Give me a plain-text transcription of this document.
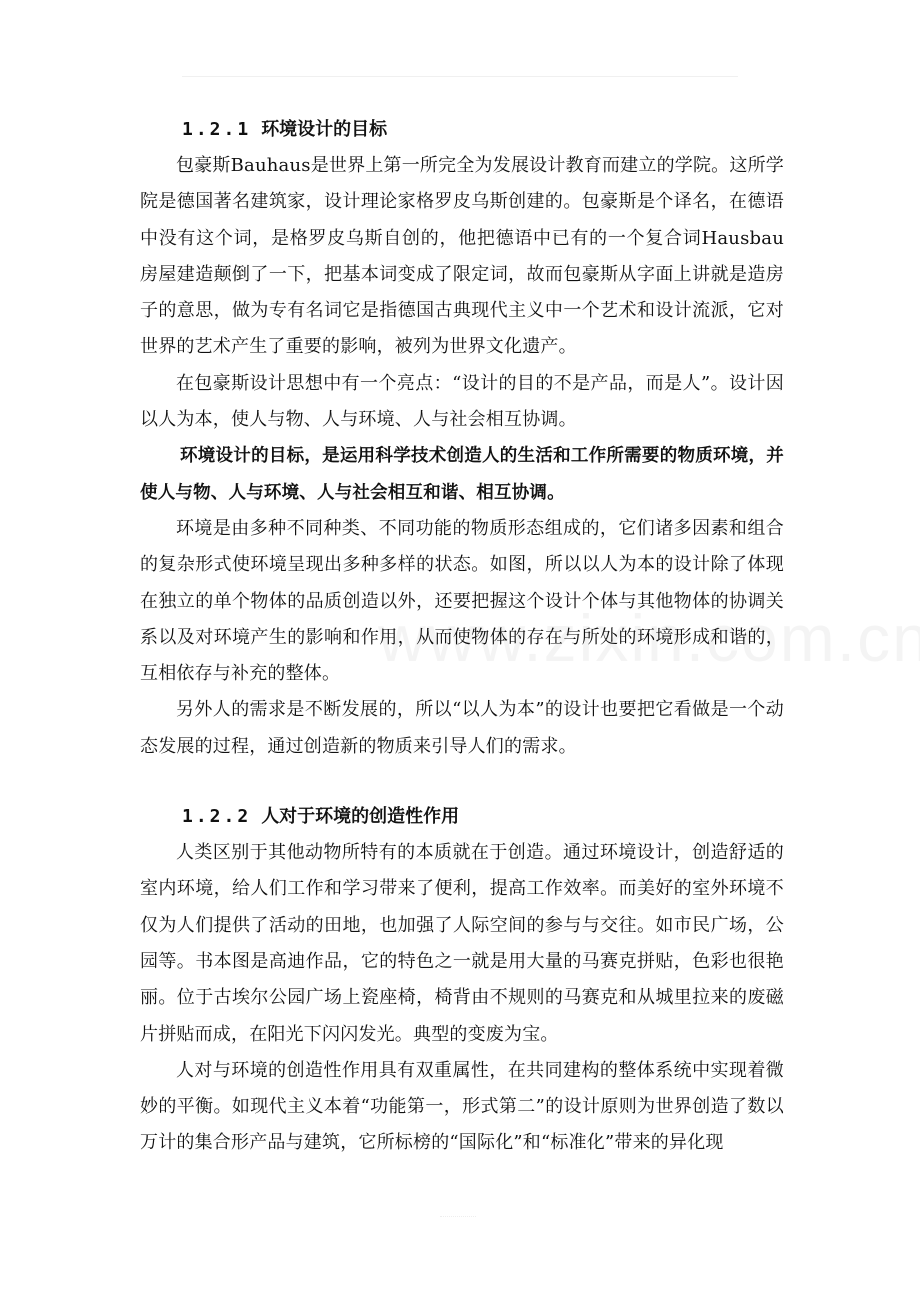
1.2.1 环境设计的目标

包豪斯Bauhaus是世界上第一所完全为发展设计教育而建立的学院。这所学院是德国著名建筑家，设计理论家格罗皮乌斯创建的。包豪斯是个译名，在德语中没有这个词，是格罗皮乌斯自创的，他把德语中已有的一个复合词Hausbau房屋建造颠倒了一下，把基本词变成了限定词，故而包豪斯从字面上讲就是造房子的意思，做为专有名词它是指德国古典现代主义中一个艺术和设计流派，它对世界的艺术产生了重要的影响，被列为世界文化遗产。

在包豪斯设计思想中有一个亮点：“设计的目的不是产品，而是人”。设计因以人为本，使人与物、人与环境、人与社会相互协调。

环境设计的目标，是运用科学技术创造人的生活和工作所需要的物质环境，并使人与物、人与环境、人与社会相互和谐、相互协调。

环境是由多种不同种类、不同功能的物质形态组成的，它们诸多因素和组合的复杂形式使环境呈现出多种多样的状态。如图，所以以人为本的设计除了体现在独立的单个物体的品质创造以外，还要把握这个设计个体与其他物体的协调关系以及对环境产生的影响和作用，从而使物体的存在与所处的环境形成和谐的，互相依存与补充的整体。

另外人的需求是不断发展的，所以“以人为本”的设计也要把它看做是一个动态发展的过程，通过创造新的物质来引导人们的需求。

1.2.2 人对于环境的创造性作用

人类区别于其他动物所特有的本质就在于创造。通过环境设计，创造舒适的室内环境，给人们工作和学习带来了便利，提高工作效率。而美好的室外环境不仅为人们提供了活动的田地，也加强了人际空间的参与与交往。如市民广场，公园等。书本图是高迪作品，它的特色之一就是用大量的马赛克拼贴，色彩也很艳丽。位于古埃尔公园广场上瓷座椅，椅背由不规则的马赛克和从城里拉来的废磁片拼贴而成，在阳光下闪闪发光。典型的变废为宝。

人对与环境的创造性作用具有双重属性，在共同建构的整体系统中实现着微妙的平衡。如现代主义本着“功能第一，形式第二”的设计原则为世界创造了数以万计的集合形产品与建筑，它所标榜的“国际化”和“标准化”带来的异化现
